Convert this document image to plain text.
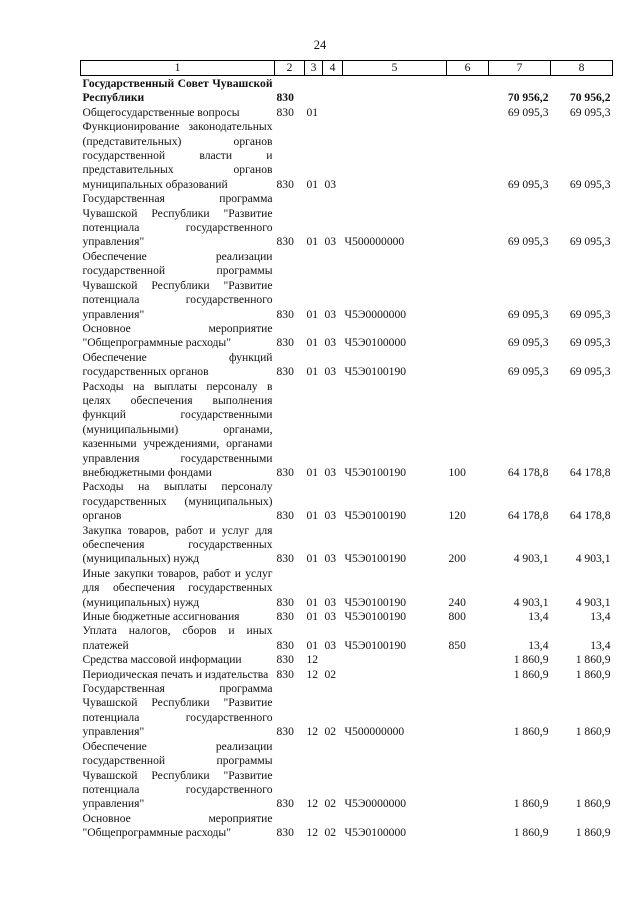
24
1	2	3	4	5	6	7	8
Государственный Совет Чувашской Республики	830					70 956,2	70 956,2
Общегосударственные вопросы	830	01				69 095,3	69 095,3
Функционирование законодательных (представительных) органов государственной власти и представительных органов муниципальных образований	830	01	03			69 095,3	69 095,3
Государственная программа Чувашской Республики "Развитие потенциала государственного управления"	830	01	03	Ч500000000		69 095,3	69 095,3
Обеспечение реализации государственной программы Чувашской Республики "Развитие потенциала государственного управления"	830	01	03	Ч5Э0000000		69 095,3	69 095,3
Основное мероприятие "Общепрограммные расходы"	830	01	03	Ч5Э0100000		69 095,3	69 095,3
Обеспечение функций государственных органов	830	01	03	Ч5Э0100190		69 095,3	69 095,3
Расходы на выплаты персоналу в целях обеспечения выполнения функций государственными (муниципальными) органами, казенными учреждениями, органами управления государственными внебюджетными фондами	830	01	03	Ч5Э0100190	100	64 178,8	64 178,8
Расходы на выплаты персоналу государственных (муниципальных) органов	830	01	03	Ч5Э0100190	120	64 178,8	64 178,8
Закупка товаров, работ и услуг для обеспечения государственных (муниципальных) нужд	830	01	03	Ч5Э0100190	200	4 903,1	4 903,1
Иные закупки товаров, работ и услуг для обеспечения государственных (муниципальных) нужд	830	01	03	Ч5Э0100190	240	4 903,1	4 903,1
Иные бюджетные ассигнования	830	01	03	Ч5Э0100190	800	13,4	13,4
Уплата налогов, сборов и иных платежей	830	01	03	Ч5Э0100190	850	13,4	13,4
Средства массовой информации	830	12				1 860,9	1 860,9
Периодическая печать и издательства	830	12	02			1 860,9	1 860,9
Государственная программа Чувашской Республики "Развитие потенциала государственного управления"	830	12	02	Ч500000000		1 860,9	1 860,9
Обеспечение реализации государственной программы Чувашской Республики "Развитие потенциала государственного управления"	830	12	02	Ч5Э0000000		1 860,9	1 860,9
Основное мероприятие "Общепрограммные расходы"	830	12	02	Ч5Э0100000		1 860,9	1 860,9
